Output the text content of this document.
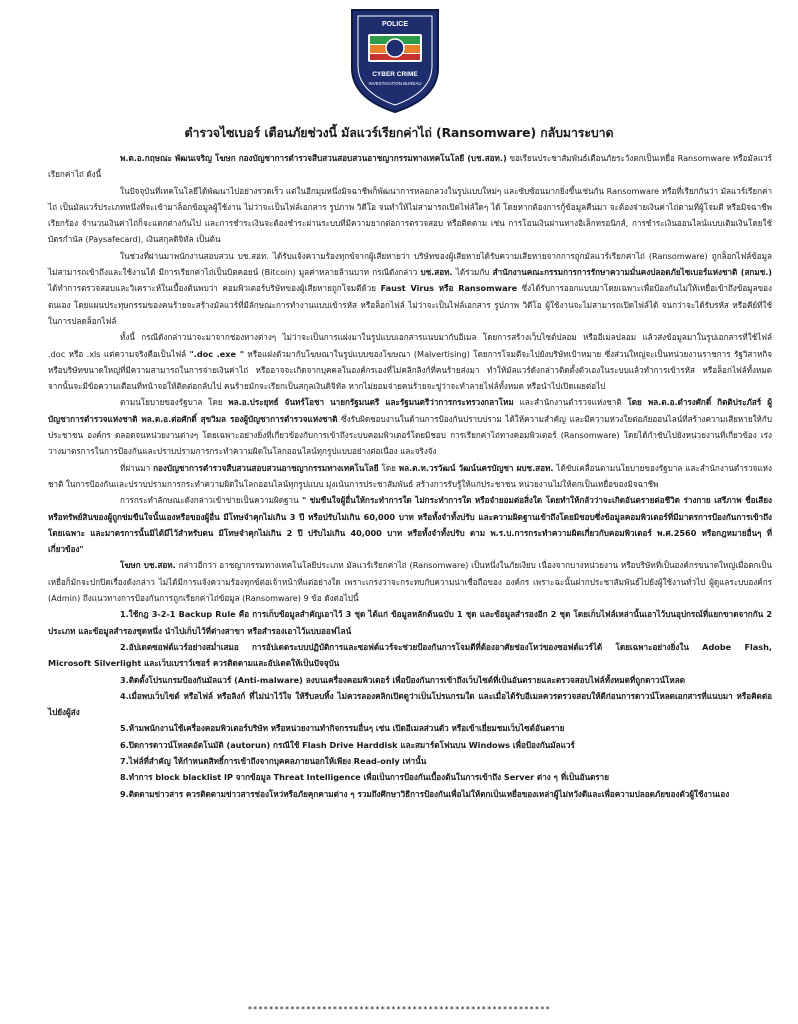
POLICE
CYBER CRIME
INVESTIGATION BUREAU
ตำรวจไซเบอร์ เตือนภัยช่วงนี้ มัลแวร์เรียกค่าไถ่ (Ransomware) กลับมาระบาด

พ.ต.อ.กฤษณะ พัฒนเจริญ โฆษก กองบัญชาการตำรวจสืบสวนสอบสวนอาชญากรรมทางเทคโนโลยี (บช.สอท.) ขอเรียนประชาสัมพันธ์เตือนภัยระวังตกเป็นเหยื่อ Ransomware หรือมัลแวร์เรียกค่าไถ่ ดังนี้

ในปัจจุบันที่เทคโนโลยีได้พัฒนาไปอย่างรวดเร็ว แต่ในอีกมุมหนึ่งมิจฉาชีพก็พัฒนาการหลอกลวงในรูปแบบใหม่ๆ และซับซ้อนมากยิ่งขึ้นเช่นกัน Ransomware หรือที่เรียกกันว่า มัลแวร์เรียกค่าไถ่ เป็นมัลแวร์ประเภทหนึ่งที่จะเข้ามาล็อกข้อมูลผู้ใช้งาน ไม่ว่าจะเป็นไฟล์เอกสาร รูปภาพ วิดีโอ จนทำให้ไม่สามารถเปิดไฟล์ใดๆ ได้ โดยหากต้องการกู้ข้อมูลคืนมา จะต้องจ่ายเงินค่าไถ่ตามที่ผู้โจมตี หรือมิจฉาชีพเรียกร้อง จำนวนเงินค่าไถ่ก็จะแตกต่างกันไป และการชำระเงินจะต้องชำระผ่านระบบที่มีความยากต่อการตรวจสอบ หรือติดตาม เช่น การโอนเงินผ่านทางอิเล็กทรอนิกส์, การชำระเงินออนไลน์แบบเติมเงินโดยใช้บัตรกำนัล (Paysafecard), เงินสกุลดิจิทัล เป็นต้น

ในช่วงที่ผ่านมาพนักงานสอบสวน บช.สอท. ได้รับแจ้งความร้องทุกข์จากผู้เสียหายว่า บริษัทของผู้เสียหายได้รับความเสียหายจากการถูกมัลแวร์เรียกค่าไถ่ (Ransomware) ถูกล็อกไฟล์ข้อมูล ไม่สามารถเข้าถึงและใช้งานได้ มีการเรียกค่าไถ่เป็นบิตคอยน์ (Bitcoin) มูลค่าหลายล้านบาท กรณีดังกล่าว บช.สอท. ได้ร่วมกับ สำนักงานคณะกรรมการการรักษาความมั่นคงปลอดภัยไซเบอร์แห่งชาติ (สกมช.) ได้ทำการตรวจสอบและวิเคราะห์ในเบื้องต้นพบว่า คอมพิวเตอร์บริษัทของผู้เสียหายถูกโจมตีด้วย Faust Virus หรือ Ransomware ซึ่งได้รับการออกแบบมาโดยเฉพาะเพื่อป้องกันไม่ให้เหยื่อเข้าถึงข้อมูลของตนเอง โดยแผนประทุษกรรมของคนร้ายจะสร้างมัลแวร์ที่มีลักษณะการทำงานแบบเข้ารหัส หรือล็อกไฟล์ ไม่ว่าจะเป็นไฟล์เอกสาร รูปภาพ วิดีโอ ผู้ใช้งานจะไม่สามารถเปิดไฟล์ได้ จนกว่าจะได้รับรหัส หรือคีย์ที่ใช้ในการปลดล็อกไฟล์

ทั้งนี้ กรณีดังกล่าวน่าจะมาจากช่องทางต่างๆ ไม่ว่าจะเป็นการแฝงมาในรูปแบบเอกสารแนบมากับอีเมล โดยการสร้างเว็บไซต์ปลอม หรืออีเมลปลอม แล้วส่งข้อมูลมาในรูปเอกสารที่ใช้ไฟล์ .doc หรือ .xls แต่ความจริงคือเป็นไฟล์ ".doc .exe " หรือแฝงตัวมากับโฆษณาในรูปแบบของโฆษณา (Malvertising) โดยการโจมตีจะไปยังบริษัทเป้าหมาย ซึ่งส่วนใหญ่จะเป็นหน่วยงานราชการ รัฐวิสาหกิจ หรือบริษัทขนาดใหญ่ที่มีความสามารถในการจ่ายเงินค่าไถ่ หรืออาจจะเกิดจากบุคคลในองค์กรเองที่ไม่คลิกลิงก์ที่คนร้ายส่งมา ทำให้มัลแวร์ดังกล่าวติดตั้งตัวเองในระบบแล้วทำการเข้ารหัส หรือล็อกไฟล์ทั้งหมด จากนั้นจะมีข้อความเตือนที่หน้าจอให้ติดต่อกลับไป คนร้ายมักจะเรียกเป็นสกุลเงินดิจิทัล หากไม่ยอมจ่ายคนร้ายจะขู่ว่าจะทำลายไฟล์ทั้งหมด หรือนำไปเปิดเผยต่อไป

ตามนโยบายของรัฐบาล โดย พล.อ.ประยุทธ์ จันทร์โอชา นายกรัฐมนตรี และรัฐมนตรีว่าการกระทรวงกลาโหม และสำนักงานตำรวจแห่งชาติ โดย พล.ต.อ.ดำรงศักดิ์ กิตติประภัสร์ ผู้บัญชาการตำรวจแห่งชาติ พล.ต.อ.ต่อศักดิ์ สุขวิมล รองผู้บัญชาการตำรวจแห่งชาติ ซึ่งรับผิดชอบงานในด้านการป้องกันปราบปราม ได้ให้ความสำคัญ และมีความห่วงใยต่อภัยออนไลน์ที่สร้างความเสียหายให้กับประชาชน องค์กร ตลอดจนหน่วยงานต่างๆ โดยเฉพาะอย่างยิ่งที่เกี่ยวข้องกับการเข้าถึงระบบคอมพิวเตอร์โดยมิชอบ การเรียกค่าไถ่ทางคอมพิวเตอร์ (Ransomware) โดยได้กำชับไปยังหน่วยงานที่เกี่ยวข้อง เร่งวางมาตรการในการป้องกันและปราบปรามการกระทำความผิดในโลกออนไลน์ทุกรูปแบบอย่างต่อเนื่อง และจริงจัง

ที่ผ่านมา กองบัญชาการตำรวจสืบสวนสอบสวนอาชญากรรมทางเทคโนโลยี โดย พล.ต.ท.วรวัฒน์ วัฒน์นครบัญชา ผบช.สอท. ได้ขับเคลื่อนตามนโยบายของรัฐบาล และสำนักงานตำรวจแห่งชาติ ในการป้องกันและปราบปรามการกระทำความผิดในโลกออนไลน์ทุกรูปแบบ มุ่งเน้นการประชาสัมพันธ์ สร้างการรับรู้ให้แก่ประชาชน หน่วยงานไม่ให้ตกเป็นเหยื่อของมิจฉาชีพ

การกระทำลักษณะดังกล่าวเข้าข่ายเป็นความผิดฐาน " ข่มขืนใจผู้อื่นให้กระทำการใด ไม่กระทำการใด หรือจำยอมต่อสิ่งใด โดยทำให้กลัวว่าจะเกิดอันตรายต่อชีวิต ร่างกาย เสรีภาพ ชื่อเสียงหรือทรัพย์สินของผู้ถูกข่มขืนใจนั้นเองหรือของผู้อื่น มีโทษจำคุกไม่เกิน 3 ปี หรือปรับไม่เกิน 60,000 บาท หรือทั้งจำทั้งปรับ และความผิดฐานเข้าถึงโดยมิชอบซึ่งข้อมูลคอมพิวเตอร์ที่มีมาตรการป้องกันการเข้าถึงโดยเฉพาะ และมาตรการนั้นมิได้มีไว้สำหรับตน มีโทษจำคุกไม่เกิน 2 ปี ปรับไม่เกิน 40,000 บาท หรือทั้งจำทั้งปรับ ตาม พ.ร.บ.การกระทำความผิดเกี่ยวกับคอมพิวเตอร์ พ.ศ.2560 หรือกฎหมายอื่นๆ ที่เกี่ยวข้อง"

โฆษก บช.สอท. กล่าวอีกว่า อาชญากรรมทางเทคโนโลยีประเภท มัลแวร์เรียกค่าไถ่ (Ransomware) เป็นหนึ่งในภัยเงียบ เนื่องจากบางหน่วยงาน หรือบริษัทที่เป็นองค์กรขนาดใหญ่เมื่อตกเป็นเหยื่อก็มักจะปกปิดเรื่องดังกล่าว ไม่ได้มีการแจ้งความร้องทุกข์ต่อเจ้าหน้าที่แต่อย่างใด เพราะเกรงว่าจะกระทบกับความน่าเชื่อถือของ องค์กร เพราะฉะนั้นฝากประชาสัมพันธ์ไปยังผู้ใช้งานทั่วไป ผู้ดูแลระบบองค์กร (Admin) ถึงแนวทางการป้องกันการถูกเรียกค่าไถ่ข้อมูล (Ransomware) 9 ข้อ ดังต่อไปนี้

1.ใช้กฎ 3-2-1 Backup Rule คือ การเก็บข้อมูลสำคัญเอาไว้ 3 ชุด ได้แก่ ข้อมูลหลักต้นฉบับ 1 ชุด และข้อมูลสำรองอีก 2 ชุด โดยเก็บไฟล์เหล่านั้นเอาไว้บนอุปกรณ์ที่แยกขาดจากกัน 2 ประเภท และข้อมูลสำรองชุดหนึ่ง นำไปเก็บไว้ที่ต่างสาขา หรือสำรองเอาไว้แบบออฟไลน์
2.อัปเดตซอฟต์แวร์อย่างสม่ำเสมอ การอัปเดตระบบปฏิบัติการและซอฟต์แวร์จะช่วยป้องกันการโจมตีที่ต้องอาศัยช่องโหว่ของซอฟต์แวร์ได้ โดยเฉพาะอย่างยิ่งใน Adobe Flash, Microsoft Silverlight และเว็บเบราว์เซอร์ ควรติดตามและอัปเดตให้เป็นปัจจุบัน
3.ติดตั้งโปรแกรมป้องกันมัลแวร์ (Anti-malware) ลงบนเครื่องคอมพิวเตอร์ เพื่อป้องกันการเข้าถึงเว็บไซต์ที่เป็นอันตรายและตรวจสอบไฟล์ทั้งหมดที่ถูกดาวน์โหลด
4.เมื่อพบเว็บไซต์ หรือไฟล์ หรือลิงก์ ที่ไม่น่าไว้ใจ ให้รีบลบทิ้ง ไม่ควรลองคลิกเปิดดูว่าเป็นโปรแกรมใด และเมื่อได้รับอีเมลควรตรวจสอบให้ดีก่อนการดาวน์โหลดเอกสารที่แนบมา หรือคิดต่อไปยังผู้ส่ง
5.ห้ามพนักงานใช้เครื่องคอมพิวเตอร์บริษัท หรือหน่วยงานทำกิจกรรมอื่นๆ เช่น เปิดอีเมลส่วนตัว หรือเข้าเยี่ยมชมเว็บไซต์อันตราย
6.ปิดการดาวน์โหลดอัตโนมัติ (autorun) กรณีใช้ Flash Drive Harddisk และสมาร์ตโฟนบน Windows เพื่อป้องกันมัลแวร์
7.ไฟล์ที่สำคัญ ให้กำหนดสิทธิ์การเข้าถึงจากบุคคลภายนอกให้เพียง Read-only เท่านั้น
8.ทำการ block blacklist IP จากข้อมูล Threat Intelligence เพื่อเป็นการป้องกันเบื้องต้นในการเข้าถึง Server ต่าง ๆ ที่เป็นอันตราย
9.ติดตามข่าวสาร ควรติดตามข่าวสารช่องโหว่หรือภัยคุกคามต่าง ๆ รวมถึงศึกษาวิธีการป้องกันเพื่อไม่ให้ตกเป็นเหยื่อของเหล่าผู้ไม่หวังดีและเพื่อความปลอดภัยของตัวผู้ใช้งานเอง
*********************************************************
